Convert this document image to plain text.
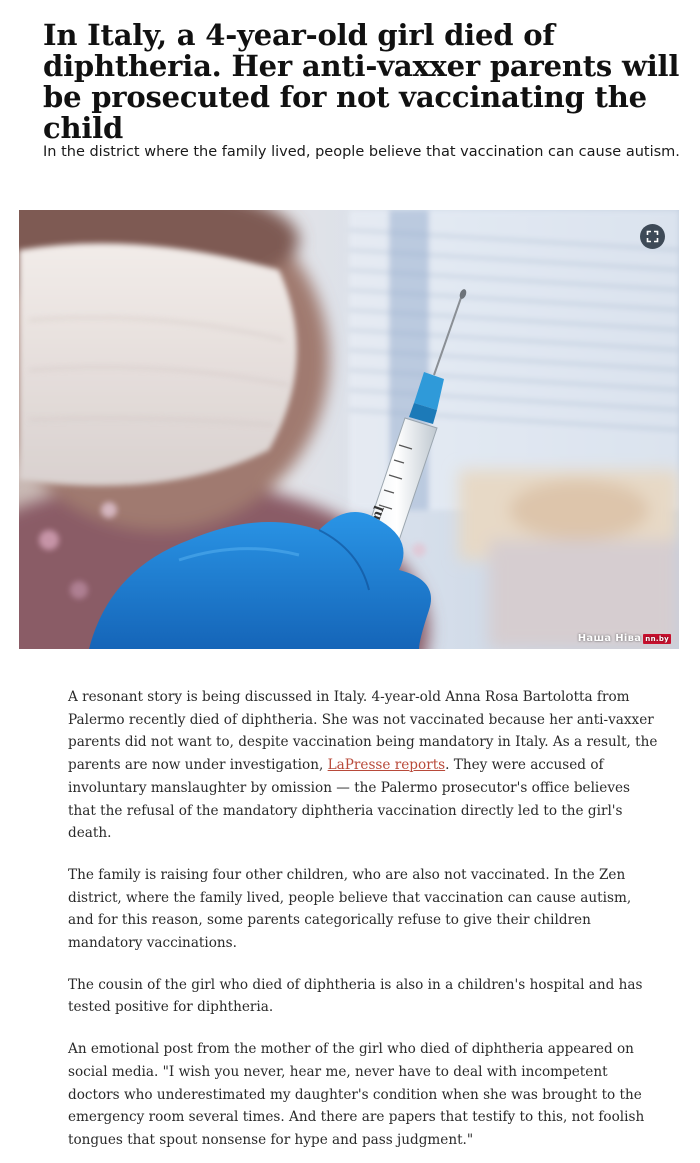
In Italy, a 4-year-old girl died of diphtheria. Her anti-vaxxer parents will be prosecuted for not vaccinating the child
In the district where the family lived, people believe that vaccination can cause autism.
Наша Ніва nn.by

A resonant story is being discussed in Italy. 4-year-old Anna Rosa Bartolotta from Palermo recently died of diphtheria. She was not vaccinated because her anti-vaxxer parents did not want to, despite vaccination being mandatory in Italy. As a result, the parents are now under investigation, LaPresse reports. They were accused of involuntary manslaughter by omission — the Palermo prosecutor's office believes that the refusal of the mandatory diphtheria vaccination directly led to the girl's death.

The family is raising four other children, who are also not vaccinated. In the Zen district, where the family lived, people believe that vaccination can cause autism, and for this reason, some parents categorically refuse to give their children mandatory vaccinations.

The cousin of the girl who died of diphtheria is also in a children's hospital and has tested positive for diphtheria.

An emotional post from the mother of the girl who died of diphtheria appeared on social media. "I wish you never, hear me, never have to deal with incompetent doctors who underestimated my daughter's condition when she was brought to the emergency room several times. And there are papers that testify to this, not foolish tongues that spout nonsense for hype and pass judgment."
